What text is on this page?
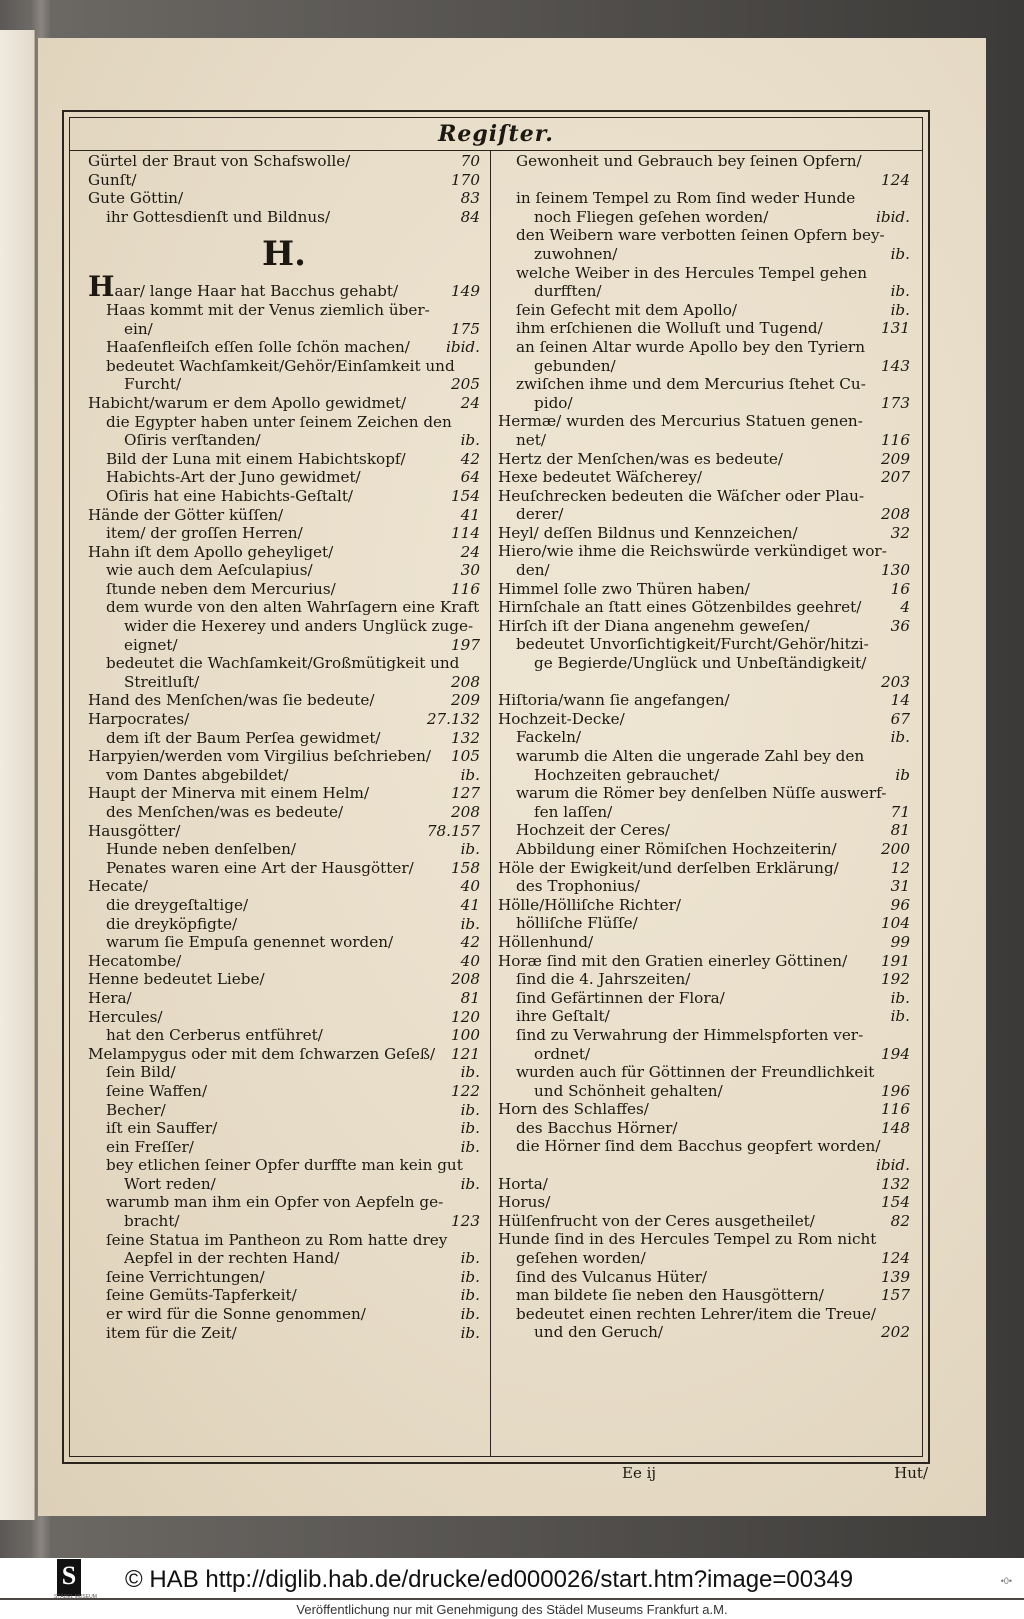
Regiſter.
Gürtel der Braut von Schafswolle/	70
Gunſt/	170
Gute Göttin/	83
ihr Gottesdienſt und Bildnus/	84
H.
Haar/ lange Haar hat Bacchus gehabt/	149
Haas kommt mit der Venus ziemlich über-
ein/	175
Haaſenfleiſch eſſen ſolle ſchön machen/	ibid.
bedeutet Wachſamkeit/Gehör/Einſamkeit und
Furcht/	205
Habicht/warum er dem Apollo gewidmet/	24
die Egypter haben unter ſeinem Zeichen den
Oſiris verſtanden/	ib.
Bild der Luna mit einem Habichtskopf/	42
Habichts-Art der Juno gewidmet/	64
Oſiris hat eine Habichts-Geſtalt/	154
Hände der Götter küſſen/	41
item/ der groſſen Herren/	114
Hahn iſt dem Apollo geheyliget/	24
wie auch dem Aeſculapius/	30
ſtunde neben dem Mercurius/	116
dem wurde von den alten Wahrſagern eine Kraft
wider die Hexerey und anders Unglück zuge-
eignet/	197
bedeutet die Wachſamkeit/Großmütigkeit und
Streitluſt/	208
Hand des Menſchen/was ſie bedeute/	209
Harpocrates/	27.132
dem iſt der Baum Perſea gewidmet/	132
Harpyien/werden vom Virgilius beſchrieben/	105
vom Dantes abgebildet/	ib.
Haupt der Minerva mit einem Helm/	127
des Menſchen/was es bedeute/	208
Hausgötter/	78.157
Hunde neben denſelben/	ib.
Penates waren eine Art der Hausgötter/	158
Hecate/	40
die dreygeſtaltige/	41
die dreyköpfigte/	ib.
warum ſie Empuſa genennet worden/	42
Hecatombe/	40
Henne bedeutet Liebe/	208
Hera/	81
Hercules/	120
hat den Cerberus entführet/	100
Melampygus oder mit dem ſchwarzen Geſeß/	121
ſein Bild/	ib.
ſeine Waffen/	122
Becher/	ib.
iſt ein Sauffer/	ib.
ein Freſſer/	ib.
bey etlichen ſeiner Opfer durffte man kein gut
Wort reden/	ib.
warumb man ihm ein Opfer von Aepfeln ge-
bracht/	123
ſeine Statua im Pantheon zu Rom hatte drey
Aepfel in der rechten Hand/	ib.
ſeine Verrichtungen/	ib.
ſeine Gemüts-Tapferkeit/	ib.
er wird für die Sonne genommen/	ib.
item für die Zeit/	ib.
Gewonheit und Gebrauch bey ſeinen Opfern/
124
in ſeinem Tempel zu Rom ſind weder Hunde
noch Fliegen geſehen worden/	ibid.
den Weibern ware verbotten ſeinen Opfern bey-
zuwohnen/	ib.
welche Weiber in des Hercules Tempel gehen
durfften/	ib.
ſein Gefecht mit dem Apollo/	ib.
ihm erſchienen die Wolluſt und Tugend/	131
an ſeinen Altar wurde Apollo bey den Tyriern
gebunden/	143
zwiſchen ihme und dem Mercurius ſtehet Cu-
pido/	173
Hermæ/ wurden des Mercurius Statuen genen-
net/	116
Hertz der Menſchen/was es bedeute/	209
Hexe bedeutet Wäſcherey/	207
Heuſchrecken bedeuten die Wäſcher oder Plau-
derer/	208
Heyl/ deſſen Bildnus und Kennzeichen/	32
Hiero/wie ihme die Reichswürde verkündiget wor-
den/	130
Himmel ſolle zwo Thüren haben/	16
Hirnſchale an ſtatt eines Götzenbildes geehret/	4
Hirſch iſt der Diana angenehm geweſen/	36
bedeutet Unvorſichtigkeit/Furcht/Gehör/hitzi-
ge Begierde/Unglück und Unbeſtändigkeit/
203
Hiſtoria/wann ſie angefangen/	14
Hochzeit-Decke/	67
Fackeln/	ib.
warumb die Alten die ungerade Zahl bey den
Hochzeiten gebrauchet/	ib
warum die Römer bey denſelben Nüſſe auswerf-
fen laſſen/	71
Hochzeit der Ceres/	81
Abbildung einer Römiſchen Hochzeiterin/	200
Höle der Ewigkeit/und derſelben Erklärung/	12
des Trophonius/	31
Hölle/Hölliſche Richter/	96
hölliſche Flüſſe/	104
Höllenhund/	99
Horæ ſind mit den Gratien einerley Göttinen/	191
ſind die 4. Jahrszeiten/	192
ſind Gefärtinnen der Flora/	ib.
ihre Geſtalt/	ib.
ſind zu Verwahrung der Himmelspforten ver-
ordnet/	194
wurden auch für Göttinnen der Freundlichkeit
und Schönheit gehalten/	196
Horn des Schlaffes/	116
des Bacchus Hörner/	148
die Hörner ſind dem Bacchus geopfert worden/
ibid.
Horta/	132
Horus/	154
Hülſenfrucht von der Ceres ausgetheilet/	82
Hunde ſind in des Hercules Tempel zu Rom nicht
geſehen worden/	124
ſind des Vulcanus Hüter/	139
man bildete ſie neben den Hausgöttern/	157
bedeutet einen rechten Lehrer/item die Treue/
und den Geruch/	202
Ee ij	Hut/
S
STÄDEL MUSEUM
© HAB http://diglib.hab.de/drucke/ed000026/start.htm?image=00349	•0•
Veröffentlichung nur mit Genehmigung des Städel Museums Frankfurt a.M.
